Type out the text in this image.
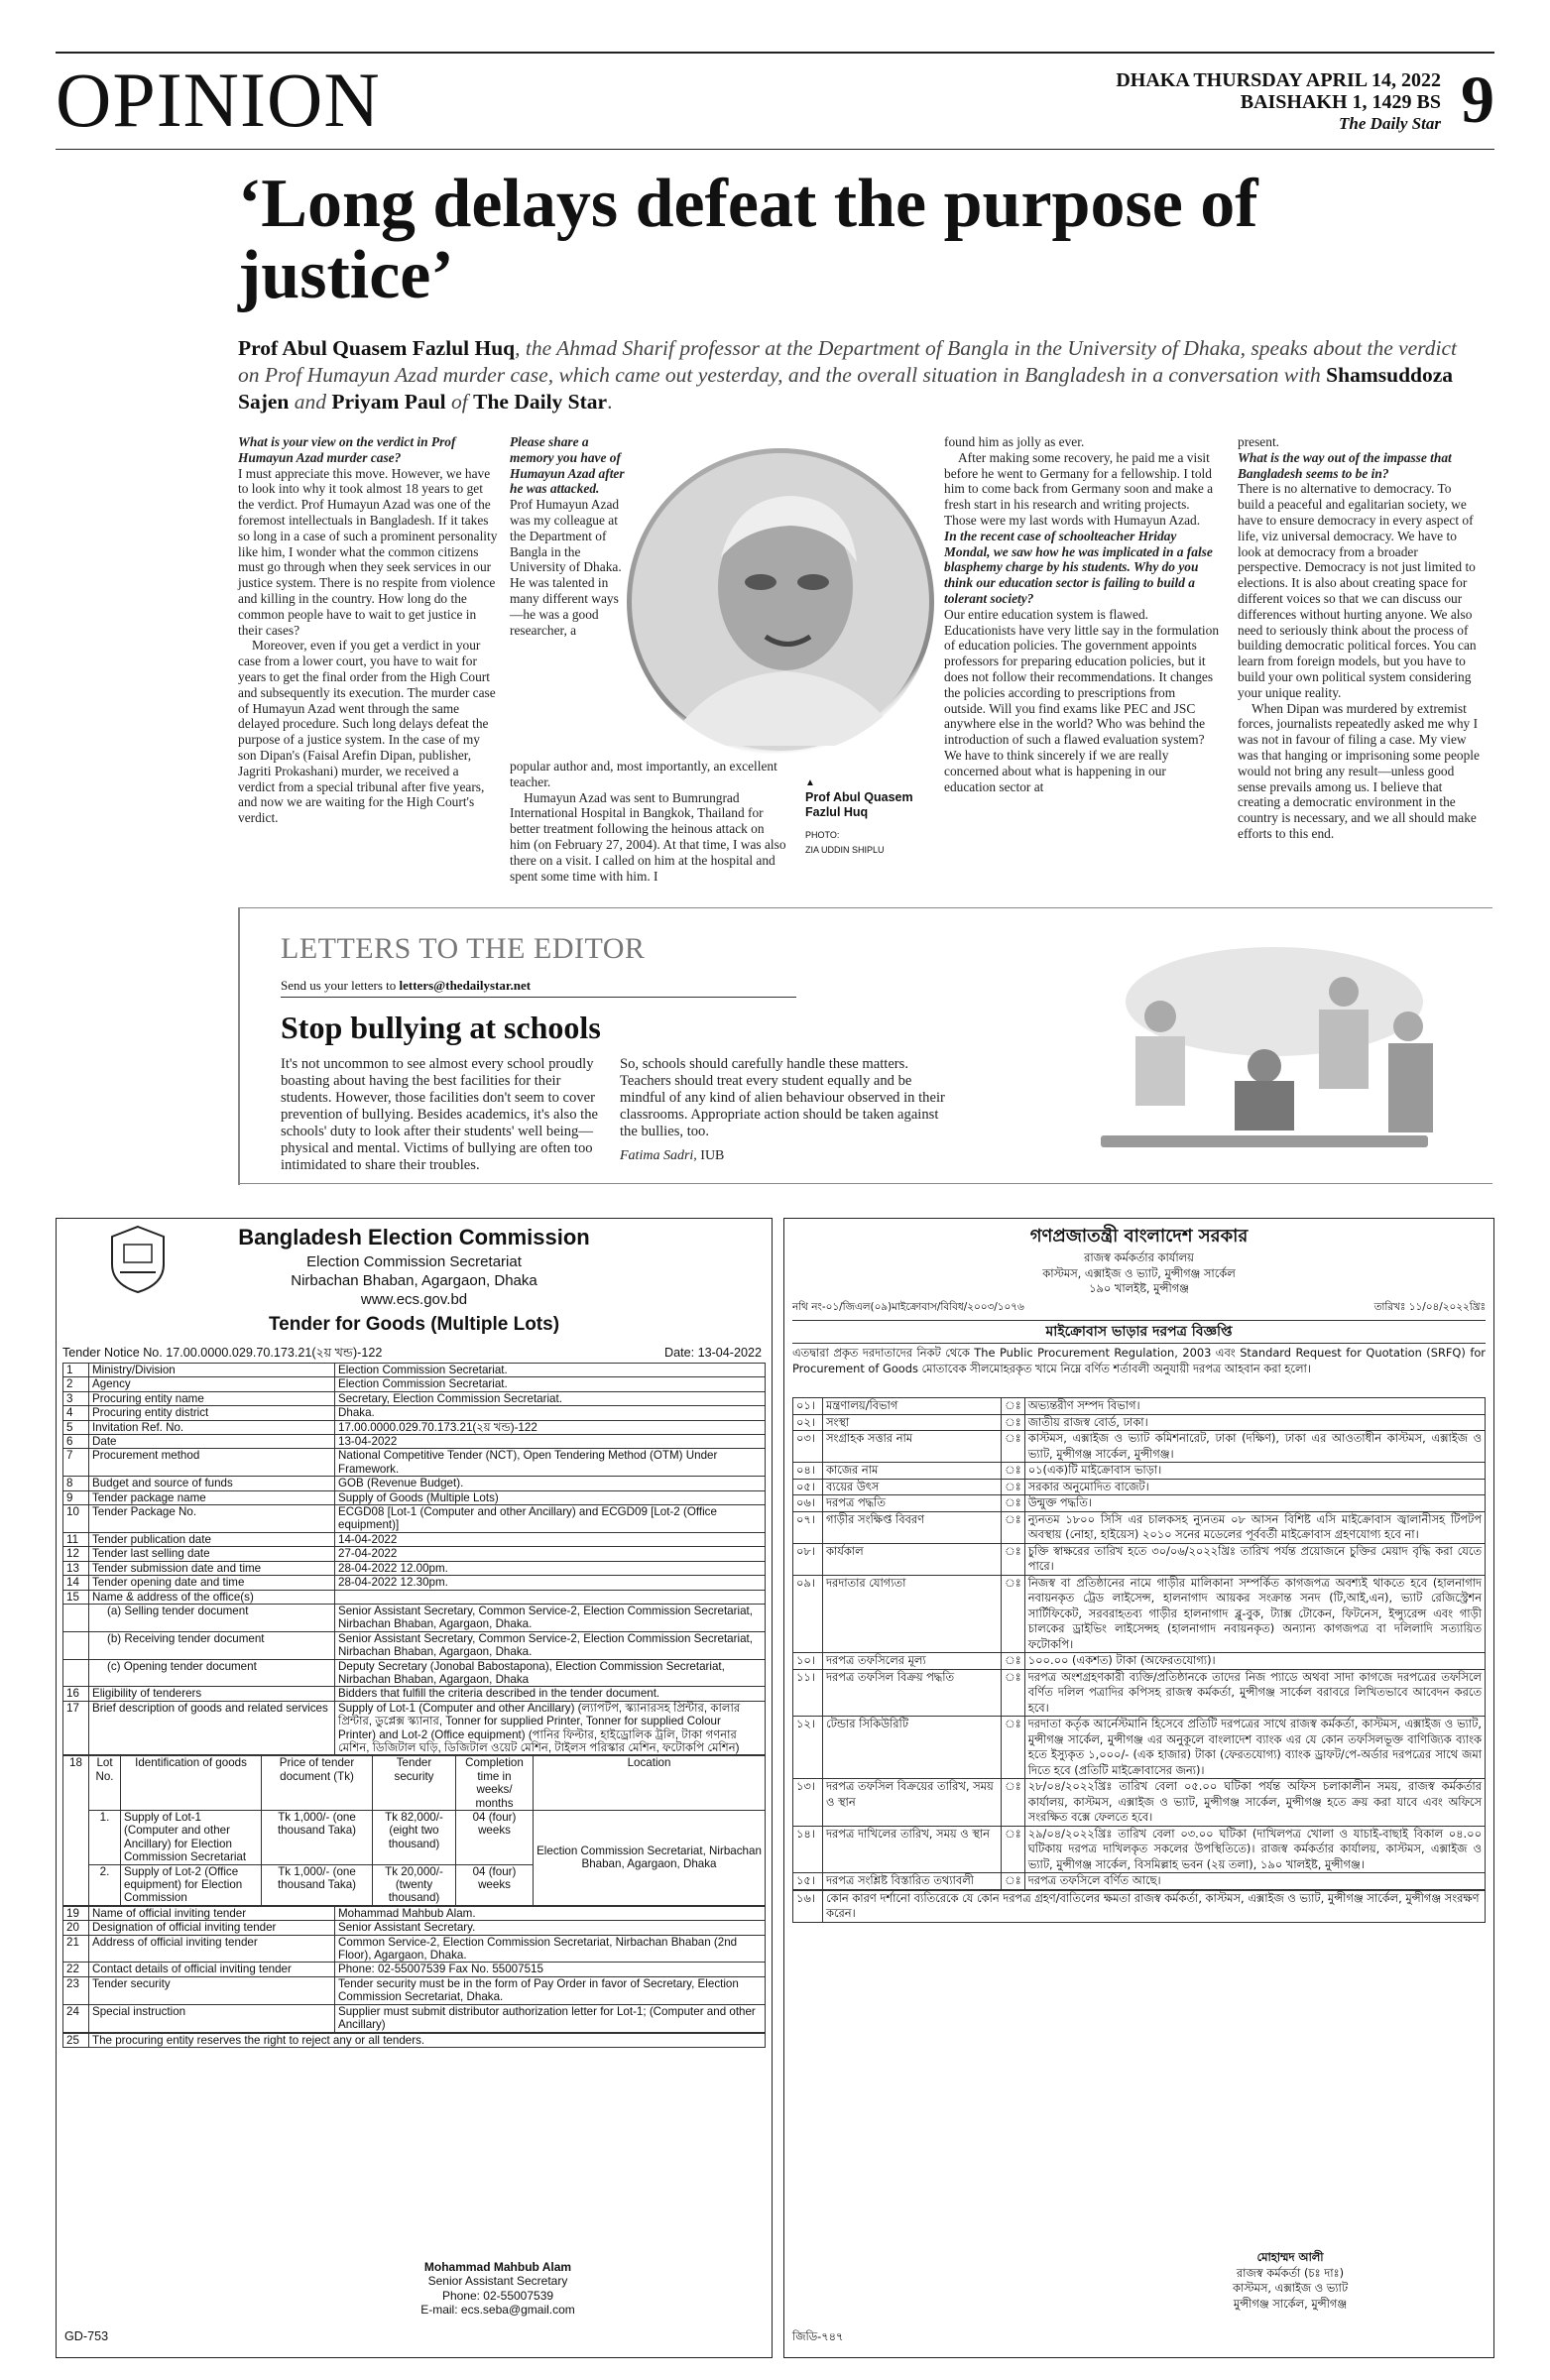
OPINION	DHAKA THURSDAY APRIL 14, 2022
BAISHAKH 1, 1429 BS
The Daily Star 9
‘Long delays defeat the purpose of justice’
Prof Abul Quasem Fazlul Huq, the Ahmad Sharif professor at the Department of Bangla in the University of Dhaka, speaks about the verdict on Prof Humayun Azad murder case, which came out yesterday, and the overall situation in Bangladesh in a conversation with Shamsuddoza Sajen and Priyam Paul of The Daily Star.

What is your view on the verdict in Prof Humayun Azad murder case?

I must appreciate this move. However, we have to look into why it took almost 18 years to get the verdict. Prof Humayun Azad was one of the foremost intellectuals in Bangladesh. If it takes so long in a case of such a prominent personality like him, I wonder what the common citizens must go through when they seek services in our justice system. There is no respite from violence and killing in the country. How long do the common people have to wait to get justice in their cases?

Moreover, even if you get a verdict in your case from a lower court, you have to wait for years to get the final order from the High Court and subsequently its execution. The murder case of Humayun Azad went through the same delayed procedure. Such long delays defeat the purpose of a justice system. In the case of my son Dipan's (Faisal Arefin Dipan, publisher, Jagriti Prokashani) murder, we received a verdict from a special tribunal after five years, and now we are waiting for the High Court's verdict.

Please share a memory you have of Humayun Azad after he was attacked.

Prof Humayun Azad was my colleague at the Department of Bangla in the University of Dhaka. He was talented in many different ways—he was a good researcher, a

popular author and, most importantly, an excellent teacher.

Humayun Azad was sent to Bumrungrad International Hospital in Bangkok, Thailand for better treatment following the heinous attack on him (on February 27, 2004). At that time, I was also there on a visit. I called on him at the hospital and spent some time with him. I

▲
Prof Abul Quasem Fazlul Huq
PHOTO:
ZIA UDDIN SHIPLU

found him as jolly as ever.

After making some recovery, he paid me a visit before he went to Germany for a fellowship. I told him to come back from Germany soon and make a fresh start in his research and writing projects. Those were my last words with Humayun Azad.

In the recent case of schoolteacher Hriday Mondal, we saw how he was implicated in a false blasphemy charge by his students. Why do you think our education sector is failing to build a tolerant society?

Our entire education system is flawed. Educationists have very little say in the formulation of education policies. The government appoints professors for preparing education policies, but it does not follow their recommendations. It changes the policies according to prescriptions from outside. Will you find exams like PEC and JSC anywhere else in the world? Who was behind the introduction of such a flawed evaluation system? We have to think sincerely if we are really concerned about what is happening in our education sector at

present.

What is the way out of the impasse that Bangladesh seems to be in?

There is no alternative to democracy. To build a peaceful and egalitarian society, we have to ensure democracy in every aspect of life, viz universal democracy. We have to look at democracy from a broader perspective. Democracy is not just limited to elections. It is also about creating space for different voices so that we can discuss our differences without hurting anyone. We also need to seriously think about the process of building democratic political forces. You can learn from foreign models, but you have to build your own political system considering your unique reality.

When Dipan was murdered by extremist forces, journalists repeatedly asked me why I was not in favour of filing a case. My view was that hanging or imprisoning some people would not bring any result—unless good sense prevails among us. I believe that creating a democratic environment in the country is necessary, and we all should make efforts to this end.

LETTERS TO THE EDITOR
Send us your letters to letters@thedailystar.net
Stop bullying at schools
It's not uncommon to see almost every school proudly boasting about having the best facilities for their students. However, those facilities don't seem to cover prevention of bullying. Besides academics, it's also the schools' duty to look after their students' well being—physical and mental. Victims of bullying are often too intimidated to share their troubles.
So, schools should carefully handle these matters. Teachers should treat every student equally and be mindful of any kind of alien behaviour observed in their classrooms. Appropriate action should be taken against the bullies, too.
Fatima Sadri, IUB
Bangladesh Election Commission
Election Commission Secretariat
Nirbachan Bhaban, Agargaon, Dhaka
www.ecs.gov.bd
Tender for Goods (Multiple Lots)
Tender Notice No. 17.00.0000.029.70.173.21(২য় খন্ড)-122	Date: 13-04-2022
1	Ministry/Division	Election Commission Secretariat.
2	Agency	Election Commission Secretariat.
3	Procuring entity name	Secretary, Election Commission Secretariat.
4	Procuring entity district	Dhaka.
5	Invitation Ref. No.	17.00.0000.029.70.173.21(২য় খন্ড)-122
6	Date	13-04-2022
7	Procurement method	National Competitive Tender (NCT), Open Tendering Method (OTM) Under Framework.
8	Budget and source of funds	GOB (Revenue Budget).
9	Tender package name	Supply of Goods (Multiple Lots)
10	Tender Package No.	ECGD08 [Lot-1 (Computer and other Ancillary) and ECGD09 [Lot-2 (Office equipment)]
11	Tender publication date	14-04-2022
12	Tender last selling date	27-04-2022
13	Tender submission date and time	28-04-2022 12.00pm.
14	Tender opening date and time	28-04-2022 12.30pm.
15	Name & address of the office(s)	
	(a) Selling tender document	Senior Assistant Secretary, Common Service-2, Election Commission Secretariat, Nirbachan Bhaban, Agargaon, Dhaka.
	(b) Receiving tender document	Senior Assistant Secretary, Common Service-2, Election Commission Secretariat, Nirbachan Bhaban, Agargaon, Dhaka.
	(c) Opening tender document	Deputy Secretary (Jonobal Babostapona), Election Commission Secretariat, Nirbachan Bhaban, Agargaon, Dhaka
16	Eligibility of tenderers	Bidders that fulfill the criteria described in the tender document.
17	Brief description of goods and related services	Supply of Lot-1 (Computer and other Ancillary) (ল্যাপটপ, স্ক্যানারসহ প্রিন্টার, কালার প্রিন্টার, ডুপ্লেক্স স্ক্যানার, Tonner for supplied Printer, Tonner for supplied Colour Printer) and Lot-2 (Office equipment) (পানির ফিল্টার, হাইড্রোলিক ট্রলি, টাকা গণনার মেশিন, ডিজিটাল ঘড়ি, ডিজিটাল ওয়েট মেশিন, টাইলস পরিস্কার মেশিন, ফটোকপি মেশিন)
18	Lot No.	Identification of goods	Price of tender document (Tk)	Tender security	Completion time in weeks/ months	Location
	1.	Supply of Lot-1 (Computer and other Ancillary) for Election Commission Secretariat	Tk 1,000/- (one thousand Taka)	Tk 82,000/- (eight two thousand)	04 (four) weeks	Election Commission Secretariat, Nirbachan Bhaban, Agargaon, Dhaka
	2.	Supply of Lot-2 (Office equipment) for Election Commission	Tk 1,000/- (one thousand Taka)	Tk 20,000/- (twenty thousand)	04 (four) weeks	
19	Name of official inviting tender	Mohammad Mahbub Alam.
20	Designation of official inviting tender	Senior Assistant Secretary.
21	Address of official inviting tender	Common Service-2, Election Commission Secretariat, Nirbachan Bhaban (2nd Floor), Agargaon, Dhaka.
22	Contact details of official inviting tender	Phone: 02-55007539 Fax No. 55007515
23	Tender security	Tender security must be in the form of Pay Order in favor of Secretary, Election Commission Secretariat, Dhaka.
24	Special instruction	Supplier must submit distributor authorization letter for Lot-1; (Computer and other Ancillary)
25	The procuring entity reserves the right to reject any or all tenders.
Mohammad Mahbub Alam
Senior Assistant Secretary
Phone: 02-55007539
E-mail: ecs.seba@gmail.com
GD-753
গণপ্রজাতন্ত্রী বাংলাদেশ সরকার
রাজস্ব কর্মকর্তার কার্যালয়
কাস্টমস, এক্সাইজ ও ভ্যাট, মুন্সীগঞ্জ সার্কেল
১৯০ খালইষ্ট, মুন্সীগঞ্জ
নথি নং-০১/জিএল(০৯)মাইক্রোবাস/বিবিধ/২০০৩/১০৭৬	তারিখঃ ১১/০৪/২০২২খ্রিঃ
মাইক্রোবাস ভাড়ার দরপত্র বিজ্ঞপ্তি
এতদ্বারা প্রকৃত দরদাতাদের নিকট থেকে The Public Procurement Regulation, 2003 এবং Standard Request for Quotation (SRFQ) for Procurement of Goods মোতাবেক সীলমোহরকৃত খামে নিম্নে বর্ণিত শর্তাবলী অনুযায়ী দরপত্র আহবান করা হলো।
০১।	মন্ত্রণালয়/বিভাগ	ঃ	অভ্যন্তরীণ সম্পদ বিভাগ।
০২।	সংস্থা	ঃ	জাতীয় রাজস্ব বোর্ড, ঢাকা।
০৩।	সংগ্রাহক সত্তার নাম	ঃ	কাস্টমস, এক্সাইজ ও ভ্যাট কমিশনারেট, ঢাকা (দক্ষিণ), ঢাকা এর আওতাধীন কাস্টমস, এক্সাইজ ও ভ্যাট, মুন্সীগঞ্জ সার্কেল, মুন্সীগঞ্জ।
০৪।	কাজের নাম	ঃ	০১(এক)টি মাইক্রোবাস ভাড়া।
০৫।	ব্যয়ের উৎস	ঃ	সরকার অনুমোদিত বাজেট।
০৬।	দরপত্র পদ্ধতি	ঃ	উন্মুক্ত পদ্ধতি।
০৭।	গাড়ীর সংক্ষিপ্ত বিবরণ	ঃ	ন্যুনতম ১৮০০ সিসি এর চালকসহ ন্যুনতম ০৮ আসন বিশিষ্ট এসি মাইক্রোবাস জ্বালানীসহ টিপটপ অবস্থায় (নোহা, হাইয়েস) ২০১০ সনের মডেলের পূর্ববর্তী মাইক্রোবাস গ্রহণযোগ্য হবে না।
০৮।	কার্যকাল	ঃ	চুক্তি স্বাক্ষরের তারিখ হতে ৩০/০৬/২০২২খ্রিঃ তারিখ পর্যন্ত প্রয়োজনে চুক্তির মেয়াদ বৃদ্ধি করা যেতে পারে।
০৯।	দরদাতার যোগ্যতা	ঃ	নিজস্ব বা প্রতিষ্ঠানের নামে গাড়ীর মালিকানা সম্পর্কিত কাগজপত্র অবশ্যই থাকতে হবে (হালনাগাদ নবায়নকৃত ট্রেড লাইসেন্স, হালনাগাদ আয়কর সংক্রান্ত সনদ (টি,আই,এন), ভ্যাট রেজিস্ট্রেশন সার্টিফিকেট, সরবরাহতব্য গাড়ীর হালনাগাদ ব্লু-বুক, ট্যাক্স টোকেন, ফিটনেস, ইন্স্যুরেন্স এবং গাড়ী চালকের ড্রাইভিং লাইসেন্সহ (হালনাগাদ নবায়নকৃত) অন্যান্য কাগজপত্র বা দলিলাদি সত্যায়িত ফটোকপি।
১০।	দরপত্র তফসিলের মূল্য	ঃ	১০০.০০ (একশত) টাকা (অফেরতযোগ্য)।
১১।	দরপত্র তফসিল বিক্রয় পদ্ধতি	ঃ	দরপত্র অংশগ্রহণকারী ব্যক্তি/প্রতিষ্ঠানকে তাদের নিজ প্যাডে অথবা সাদা কাগজে দরপত্রের তফসিলে বর্ণিত দলিল পত্রাদির কপিসহ রাজস্ব কর্মকর্তা, মুন্সীগঞ্জ সার্কেল বরাবরে লিখিতভাবে আবেদন করতে হবে।
১২।	টেন্ডার সিকিউরিটি	ঃ	দরদাতা কর্তৃক আর্নেস্টমানি হিসেবে প্রতিটি দরপত্রের সাথে রাজস্ব কর্মকর্তা, কাস্টমস, এক্সাইজ ও ভ্যাট, মুন্সীগঞ্জ সার্কেল, মুন্সীগঞ্জ এর অনুকূলে বাংলাদেশ ব্যাংক এর যে কোন তফসিলভূক্ত বাণিজ্যিক ব্যাংক হতে ইস্যুকৃত ১,০০০/- (এক হাজার) টাকা (ফেরতযোগ্য) ব্যাংক ড্রাফট/পে-অর্ডার দরপত্রের সাথে জমা দিতে হবে (প্রতিটি মাইক্রোবাসের জন্য)।
১৩।	দরপত্র তফসিল বিক্রয়ের তারিখ, সময় ও স্থান	ঃ	২৮/০৪/২০২২খ্রিঃ তারিখ বেলা ০৫.০০ ঘটিকা পর্যন্ত অফিস চলাকালীন সময়, রাজস্ব কর্মকর্তার কার্যালয়, কাস্টমস, এক্সাইজ ও ভ্যাট, মুন্সীগঞ্জ সার্কেল, মুন্সীগঞ্জ হতে ক্রয় করা যাবে এবং অফিসে সংরক্ষিত বক্সে ফেলতে হবে।
১৪।	দরপত্র দাখিলের তারিখ, সময় ও স্থান	ঃ	২৯/০৪/২০২২খ্রিঃ তারিখ বেলা ০৩.০০ ঘটিকা (দাখিলপত্র খোলা ও যাচাই-বাছাই বিকাল ০৪.০০ ঘটিকায় দরপত্র দাখিলকৃত সকলের উপস্থিতিতে)। রাজস্ব কর্মকর্তার কার্যালয়, কাস্টমস, এক্সাইজ ও ভ্যাট, মুন্সীগঞ্জ সার্কেল, বিসমিল্লাহ ভবন (২য় তলা), ১৯০ খালইষ্ট, মুন্সীগঞ্জ।
১৫।	দরপত্র সংশ্লিষ্ট বিস্তারিত তথ্যাবলী	ঃ	দরপত্র তফসিলে বর্ণিত আছে।
১৬।	কোন কারণ দর্শানো ব্যতিরেকে যে কোন দরপত্র গ্রহণ/বাতিলের ক্ষমতা রাজস্ব কর্মকর্তা, কাস্টমস, এক্সাইজ ও ভ্যাট, মুন্সীগঞ্জ সার্কেল, মুন্সীগঞ্জ সংরক্ষণ করেন।
মোহাম্মদ আলী
রাজস্ব কর্মকর্তা (চঃ দাঃ)
কাস্টমস, এক্সাইজ ও ভ্যাট
মুন্সীগঞ্জ সার্কেল, মুন্সীগঞ্জ
জিডি-৭৪৭
